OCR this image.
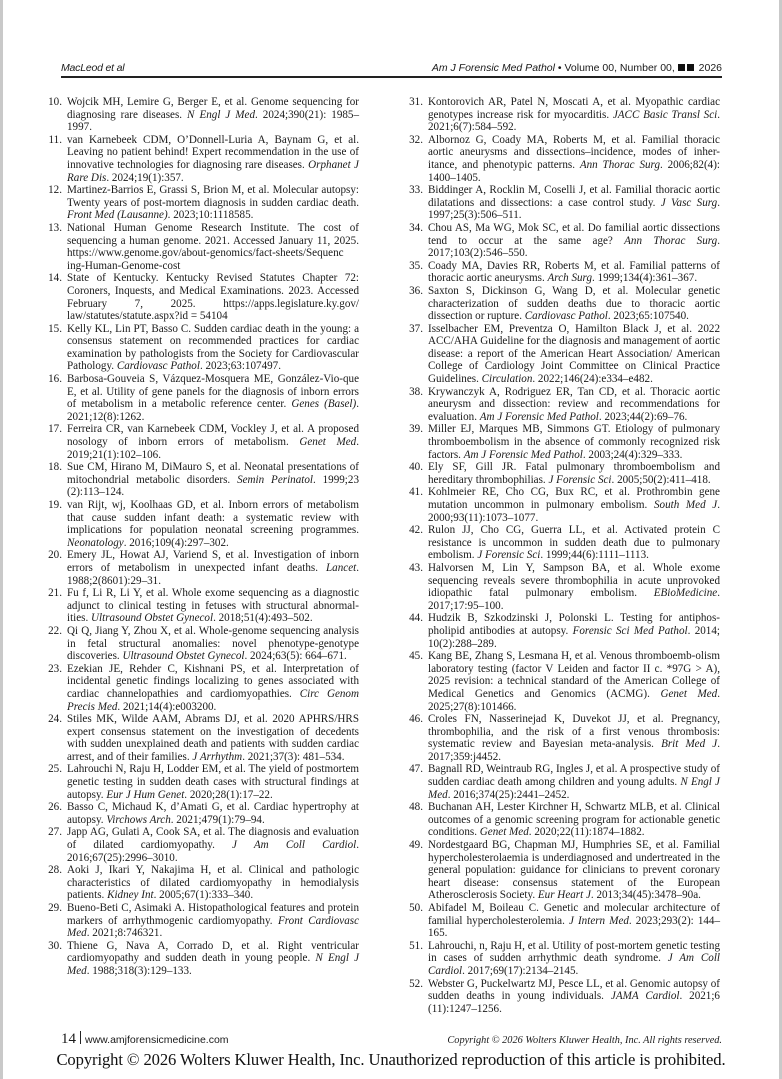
MacLeod et al	Am J Forensic Med Pathol • Volume 00, Number 00,  2026
10. Wojcik MH, Lemire G, Berger E, et al. Genome sequencing for diagnosing rare diseases. N Engl J Med. 2024;390(21): 1985–1997.
11. van Karnebeek CDM, O’Donnell-Luria A, Baynam G, et al. Leaving no patient behind! Expert recommendation in the use of innovative technologies for diagnosing rare diseases. Orphanet J Rare Dis. 2024;19(1):357.
12. Martinez-Barrios E, Grassi S, Brion M, et al. Molecular autopsy: Twenty years of post-mortem diagnosis in sudden cardiac death. Front Med (Lausanne). 2023;10:1118585.
13. National Human Genome Research Institute. The cost of sequencing a human genome. 2021. Accessed January 11, 2025. https://www.genome.gov/about-genomics/fact-sheets/Sequenc ing-Human-Genome-cost
14. State of Kentucky. Kentucky Revised Statutes Chapter 72: Coroners, Inquests, and Medical Examinations. 2023. Accessed February 7, 2025. https://apps.legislature.ky.gov/ law/statutes/statute.aspx?id = 54104
15. Kelly KL, Lin PT, Basso C. Sudden cardiac death in the young: a consensus statement on recommended practices for cardiac examination by pathologists from the Society for Cardiovascular Pathology. Cardiovasc Pathol. 2023;63:107497.
16. Barbosa-Gouveia S, Vázquez-Mosquera ME, González-Vio-que E, et al. Utility of gene panels for the diagnosis of inborn errors of metabolism in a metabolic reference center. Genes (Basel). 2021;12(8):1262.
17. Ferreira CR, van Karnebeek CDM, Vockley J, et al. A proposed nosology of inborn errors of metabolism. Genet Med. 2019;21(1):102–106.
18. Sue CM, Hirano M, DiMauro S, et al. Neonatal presentations of mitochondrial metabolic disorders. Semin Perinatol. 1999;23 (2):113–124.
19. van Rijt, wj, Koolhaas GD, et al. Inborn errors of metabolism that cause sudden infant death: a systematic review with implications for population neonatal screening programmes. Neonatology. 2016;109(4):297–302.
20. Emery JL, Howat AJ, Variend S, et al. Investigation of inborn errors of metabolism in unexpected infant deaths. Lancet. 1988;2(8601):29–31.
21. Fu f, Li R, Li Y, et al. Whole exome sequencing as a diagnostic adjunct to clinical testing in fetuses with structural abnormal-ities. Ultrasound Obstet Gynecol. 2018;51(4):493–502.
22. Qi Q, Jiang Y, Zhou X, et al. Whole-genome sequencing analysis in fetal structural anomalies: novel phenotype-genotype discoveries. Ultrasound Obstet Gynecol. 2024;63(5): 664–671.
23. Ezekian JE, Rehder C, Kishnani PS, et al. Interpretation of incidental genetic findings localizing to genes associated with cardiac channelopathies and cardiomyopathies. Circ Genom Precis Med. 2021;14(4):e003200.
24. Stiles MK, Wilde AAM, Abrams DJ, et al. 2020 APHRS/HRS expert consensus statement on the investigation of decedents with sudden unexplained death and patients with sudden cardiac arrest, and of their families. J Arrhythm. 2021;37(3): 481–534.
25. Lahrouchi N, Raju H, Lodder EM, et al. The yield of postmortem genetic testing in sudden death cases with structural findings at autopsy. Eur J Hum Genet. 2020;28(1):17–22.
26. Basso C, Michaud K, d’Amati G, et al. Cardiac hypertrophy at autopsy. Virchows Arch. 2021;479(1):79–94.
27. Japp AG, Gulati A, Cook SA, et al. The diagnosis and evaluation of dilated cardiomyopathy. J Am Coll Cardiol. 2016;67(25):2996–3010.
28. Aoki J, Ikari Y, Nakajima H, et al. Clinical and pathologic characteristics of dilated cardiomyopathy in hemodialysis patients. Kidney Int. 2005;67(1):333–340.
29. Bueno-Beti C, Asimaki A. Histopathological features and protein markers of arrhythmogenic cardiomyopathy. Front Cardiovasc Med. 2021;8:746321.
30. Thiene G, Nava A, Corrado D, et al. Right ventricular cardiomyopathy and sudden death in young people. N Engl J Med. 1988;318(3):129–133.
31. Kontorovich AR, Patel N, Moscati A, et al. Myopathic cardiac genotypes increase risk for myocarditis. JACC Basic Transl Sci. 2021;6(7):584–592.
32. Albornoz G, Coady MA, Roberts M, et al. Familial thoracic aortic aneurysms and dissections–incidence, modes of inher-itance, and phenotypic patterns. Ann Thorac Surg. 2006;82(4): 1400–1405.
33. Biddinger A, Rocklin M, Coselli J, et al. Familial thoracic aortic dilatations and dissections: a case control study. J Vasc Surg. 1997;25(3):506–511.
34. Chou AS, Ma WG, Mok SC, et al. Do familial aortic dissections tend to occur at the same age? Ann Thorac Surg. 2017;103(2):546–550.
35. Coady MA, Davies RR, Roberts M, et al. Familial patterns of thoracic aortic aneurysms. Arch Surg. 1999;134(4):361–367.
36. Saxton S, Dickinson G, Wang D, et al. Molecular genetic characterization of sudden deaths due to thoracic aortic dissection or rupture. Cardiovasc Pathol. 2023;65:107540.
37. Isselbacher EM, Preventza O, Hamilton Black J, et al. 2022 ACC/AHA Guideline for the diagnosis and management of aortic disease: a report of the American Heart Association/ American College of Cardiology Joint Committee on Clinical Practice Guidelines. Circulation. 2022;146(24):e334–e482.
38. Krywanczyk A, Rodriguez ER, Tan CD, et al. Thoracic aortic aneurysm and dissection: review and recommendations for evaluation. Am J Forensic Med Pathol. 2023;44(2):69–76.
39. Miller EJ, Marques MB, Simmons GT. Etiology of pulmonary thromboembolism in the absence of commonly recognized risk factors. Am J Forensic Med Pathol. 2003;24(4):329–333.
40. Ely SF, Gill JR. Fatal pulmonary thromboembolism and hereditary thrombophilias. J Forensic Sci. 2005;50(2):411–418.
41. Kohlmeier RE, Cho CG, Bux RC, et al. Prothrombin gene mutation uncommon in pulmonary embolism. South Med J. 2000;93(11):1073–1077.
42. Rulon JJ, Cho CG, Guerra LL, et al. Activated protein C resistance is uncommon in sudden death due to pulmonary embolism. J Forensic Sci. 1999;44(6):1111–1113.
43. Halvorsen M, Lin Y, Sampson BA, et al. Whole exome sequencing reveals severe thrombophilia in acute unprovoked idiopathic fatal pulmonary embolism. EBioMedicine. 2017;17:95–100.
44. Hudzik B, Szkodzinski J, Polonski L. Testing for antiphos-pholipid antibodies at autopsy. Forensic Sci Med Pathol. 2014; 10(2):288–289.
45. Kang BE, Zhang S, Lesmana H, et al. Venous thromboemb-olism laboratory testing (factor V Leiden and factor II c. *97G > A), 2025 revision: a technical standard of the American College of Medical Genetics and Genomics (ACMG). Genet Med. 2025;27(8):101466.
46. Croles FN, Nasserinejad K, Duvekot JJ, et al. Pregnancy, thrombophilia, and the risk of a first venous thrombosis: systematic review and Bayesian meta-analysis. Brit Med J. 2017;359:j4452.
47. Bagnall RD, Weintraub RG, Ingles J, et al. A prospective study of sudden cardiac death among children and young adults. N Engl J Med. 2016;374(25):2441–2452.
48. Buchanan AH, Lester Kirchner H, Schwartz MLB, et al. Clinical outcomes of a genomic screening program for actionable genetic conditions. Genet Med. 2020;22(11):1874–1882.
49. Nordestgaard BG, Chapman MJ, Humphries SE, et al. Familial hypercholesterolaemia is underdiagnosed and undertreated in the general population: guidance for clinicians to prevent coronary heart disease: consensus statement of the European Atherosclerosis Society. Eur Heart J. 2013;34(45):3478–90a.
50. Abifadel M, Boileau C. Genetic and molecular architecture of familial hypercholesterolemia. J Intern Med. 2023;293(2): 144–165.
51. Lahrouchi, n, Raju H, et al. Utility of post-mortem genetic testing in cases of sudden arrhythmic death syndrome. J Am Coll Cardiol. 2017;69(17):2134–2145.
52. Webster G, Puckelwartz MJ, Pesce LL, et al. Genomic autopsy of sudden deaths in young individuals. JAMA Cardiol. 2021;6 (11):1247–1256.
14 www.amjforensicmedicine.com	Copyright © 2026 Wolters Kluwer Health, Inc. All rights reserved.
Copyright © 2026 Wolters Kluwer Health, Inc. Unauthorized reproduction of this article is prohibited.
